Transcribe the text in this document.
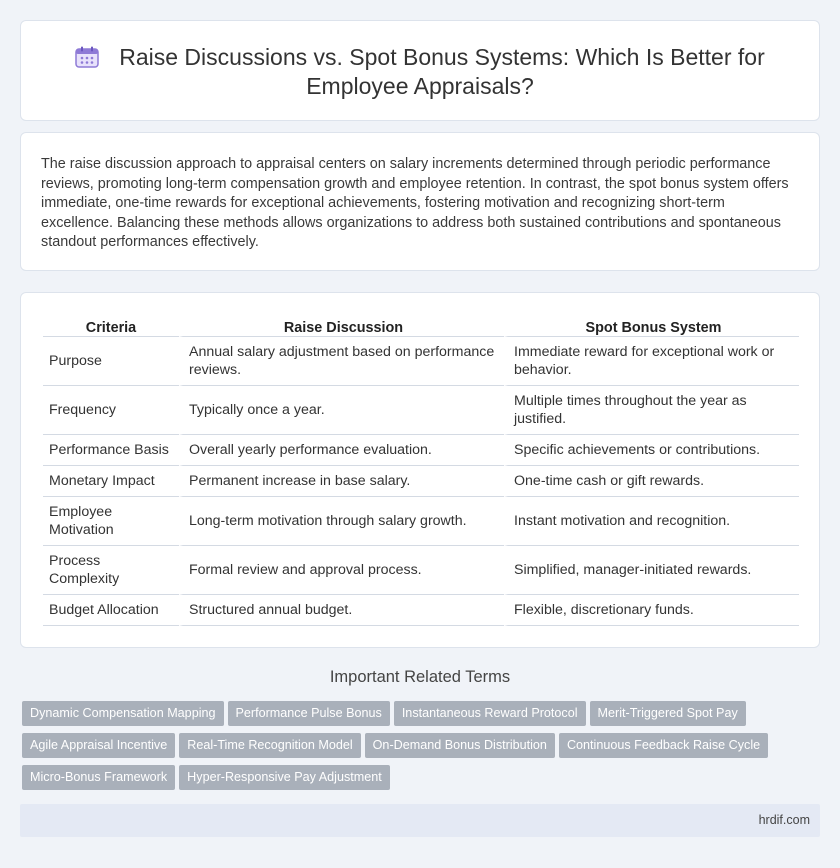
Raise Discussions vs. Spot Bonus Systems: Which Is Better for
Employee Appraisals?

The raise discussion approach to appraisal centers on salary increments determined through periodic performance reviews, promoting long-term compensation growth and employee retention. In contrast, the spot bonus system offers immediate, one-time rewards for exceptional achievements, fostering motivation and recognizing short-term excellence. Balancing these methods allows organizations to address both sustained contributions and spontaneous standout performances effectively.

Criteria	Raise Discussion	Spot Bonus System
Purpose	Annual salary adjustment based on performance reviews.	Immediate reward for exceptional work or behavior.
Frequency	Typically once a year.	Multiple times throughout the year as justified.
Performance Basis	Overall yearly performance evaluation.	Specific achievements or contributions.
Monetary Impact	Permanent increase in base salary.	One-time cash or gift rewards.
Employee Motivation	Long-term motivation through salary growth.	Instant motivation and recognition.
Process Complexity	Formal review and approval process.	Simplified, manager-initiated rewards.
Budget Allocation	Structured annual budget.	Flexible, discretionary funds.
Important Related Terms
Dynamic Compensation Mapping Performance Pulse Bonus Instantaneous Reward Protocol Merit-Triggered Spot Pay
Agile Appraisal Incentive Real-Time Recognition Model On-Demand Bonus Distribution Continuous Feedback Raise Cycle
Micro-Bonus Framework Hyper-Responsive Pay Adjustment
hrdif.com
